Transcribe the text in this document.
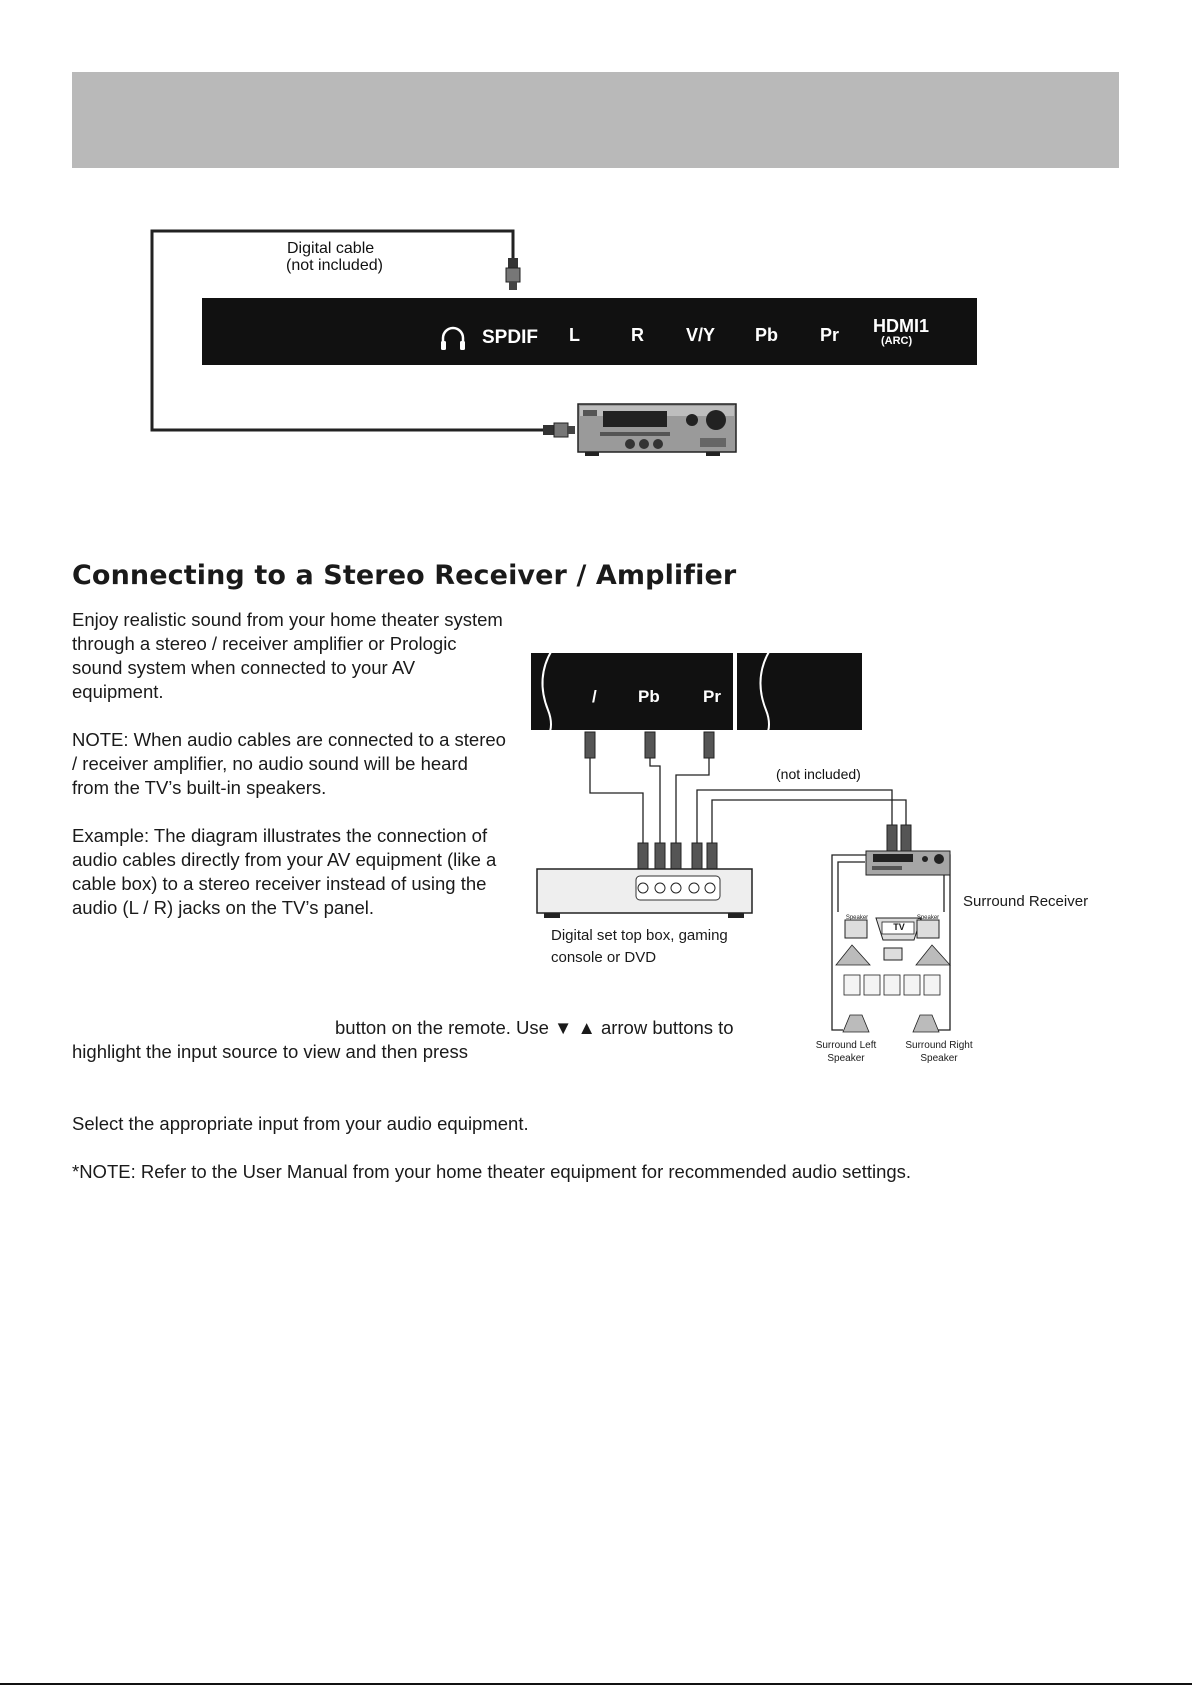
Digital cable
(not included)
SPDIF L	R V/Y Pb Pr HDMI1
(ARC)
Connecting to a Stereo Receiver / Amplifier

Enjoy realistic sound from your home theater system through a stereo / receiver amplifier or Prologic sound system when connected to your AV equipment.

NOTE: When audio cables are connected to a stereo / receiver amplifier, no audio sound will be heard from the TV’s built-in speakers.

Example: The diagram illustrates the connection of audio cables directly from your AV equipment (like a cable box) to a stereo receiver instead of using the audio (L / R) jacks on the TV’s panel.

button on the remote. Use ▼ ▲ arrow buttons to

highlight the input source to view and then press

Select the appropriate input from your audio equipment.

*NOTE: Refer to the User Manual from your home theater equipment for recommended audio settings.

/ Pb	Pr
(not included)
Digital set top box, gaming
console or DVD
Surround Receiver
Speaker	Speaker
TV
Surround Left
Speaker
Surround Right
Speaker
